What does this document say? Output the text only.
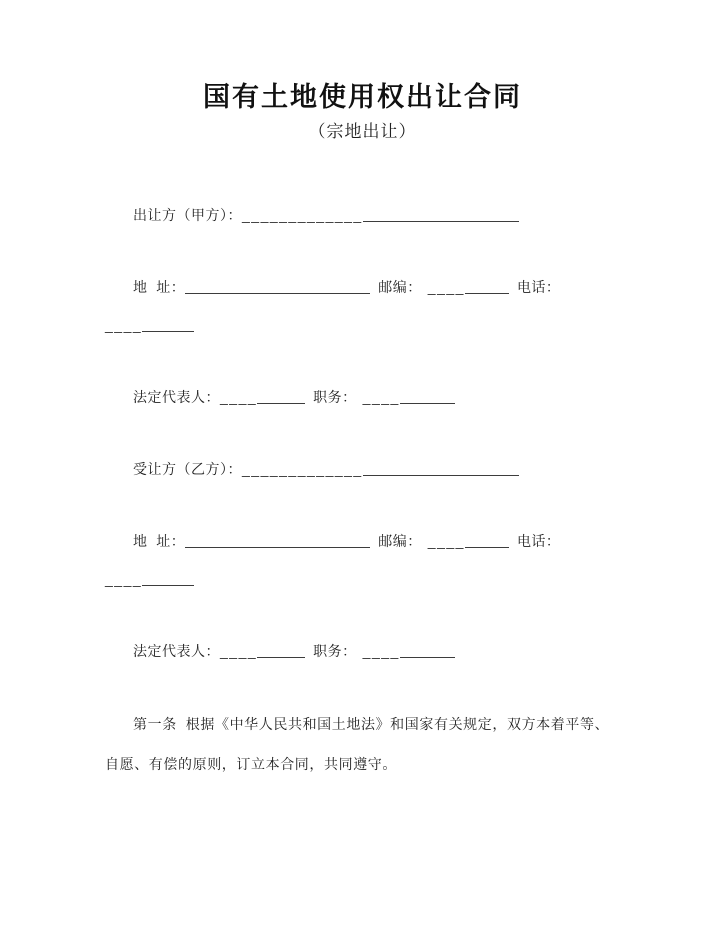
国有土地使用权出让合同
（宗地出让）

出让方（甲方）：_____________

地  址：	邮编： ____	电话：
____

法定代表人：____	职务： ____

受让方（乙方）：_____________

地  址：	邮编： ____	电话：
____

法定代表人：____	职务： ____

第一条  根据《中华人民共和国土地法》和国家有关规定，双方本着平等、自愿、有偿的原则，订立本合同，共同遵守。
